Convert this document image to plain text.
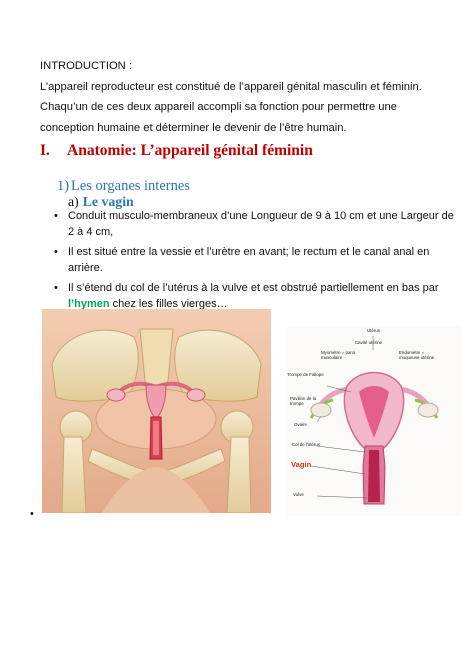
INTRODUCTION :

L’appareil reproducteur est constitué de l’appareil génital masculin et féminin.

Chaqu’un de ces deux appareil accompli sa fonction pour permettre une

conception humaine et déterminer le devenir de l’être humain.

I. Anatomie: L’appareil génital féminin
1) Les organes internes
a) Le vagin
• Conduit musculo-membraneux d’une Longueur de 9 à 10 cm et une Largeur de 2 à 4 cm,
• Il est situé entre la vessie et l’urètre en avant; le rectum et le canal anal en arrière.
• Il s’étend du col de l’utérus à la vulve et est obstrué partiellement en bas par l’hymen chez les filles vierges…
Utérus
Cavité utérine
Myomètre = paroi musculaire
Endomètre = muqueuse utérine
Trompe de Fallope
Pavillon de la trompe
Ovaire
Col de l'utérus
Vagin
Vulve
•
